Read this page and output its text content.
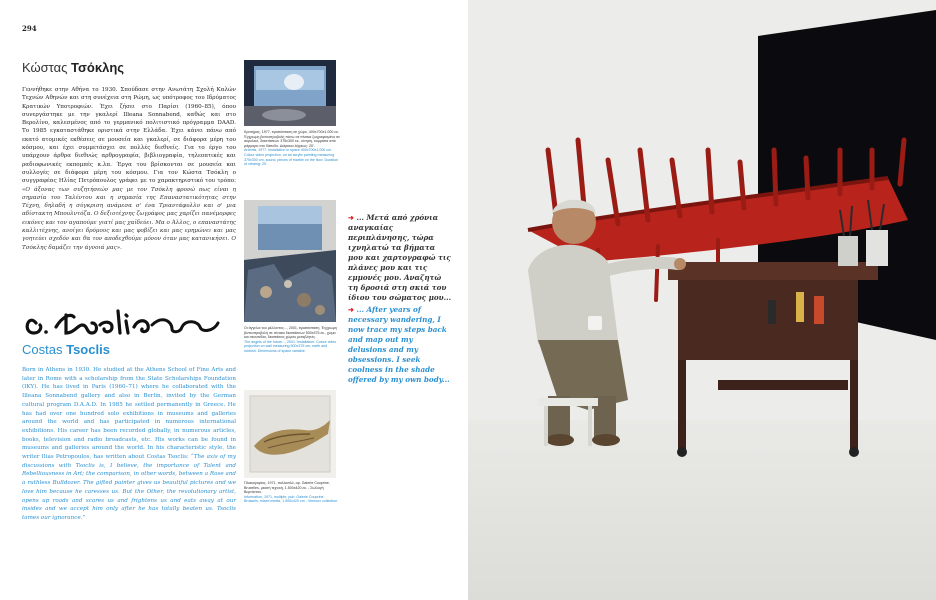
294
Κώστας Τσόκλης
Γεννήθηκε στην Αθήνα το 1930. Σπούδασε στην Ανωτάτη Σχολή Καλών Τεχνών Αθηνών και στη συνέχεια στη Ρώμη, ως υπότροφος του Ιδρύματος Κρατικών Υποτροφιών. Έχει ζήσει στο Παρίσι (1960–85), όπου συνεργάστηκε με την γκαλερί Illeana Sonnabend, καθώς και στο Βερολίνο, καλεσμένος από το γερμανικό πολιτιστικό πρόγραμμα DAAD. Το 1985 εγκαταστάθηκε οριστικά στην Ελλάδα. Έχει κάνει πάνω από εκατό ατομικές εκθέσεις σε μουσεία και γκαλερί, σε διάφορα μέρη του κόσμου, και έχει συμμετάσχει σε πολλές διεθνείς. Για το έργο του υπάρχουν άρθρα διεθνώς αρθρογραφία, βιβλιογραφία, τηλεοπτικές και ραδιοφωνικές εκπομπές κ.λπ. Έργα του βρίσκονται σε μουσεία και συλλογές σε διάφορα μέρη του κόσμου. Για τον Κώστα Τσόκλη ο συγγραφέας Ηλίας Πετρόπουλος γράφει με το χαρακτηριστικό του τρόπο: «Ο άξονας των συζητήσεών μας με τον Τσόκλη φρονώ πως είναι η σημασία του Ταλέντου και η σημασία της Επαναστατικότητας στην Τέχνη, δηλαδή η σύγκριση ανάμεσα σ' ένα Τριαντάφυλλο και σ' μια αδίστακτη Μπουλντόζα. Ο δεξιοτέχνης ζωγράφος μας χαρίζει πανέμορφες εικόνες και τον αγαπούμε γιατί μας χαϊδεύει. Μα ο Άλλος, ο επαναστάτης καλλιτέχνης, ανοίγει δρόμους και μας φοβίζει και μας ερημώνει και μας γοητεύει σχεδόν και θα τον αποδεχθούμε μόνον όταν μας κατανικήσει. Ο Τσόκλης δαμάζει την άγνοιά μας».
Costas Tsoclis
Born in Athens in 1930. He studied at the Athens School of Fine Arts and later in Rome with a scholarship from the State Scholarships Foundation (IKY). He has lived in Paris (1960–71) where he collaborated with the Illeana Sonnabend gallery and also in Berlin, invited by the German cultural program D.A.A.D. In 1985 he settled permanently in Greece. He has had over one hundred solo exhibitions in museums and galleries around the world and has participated in numerous international exhibitions. His career has been recorded globally, in numerous articles, books, television and radio broadcasts, etc. His works can be found in museums and galleries around the world. In his characteristic style, the writer Ilias Petropoulos, has written about Costas Tsoclis: “The axis of my discussions with Tsoclis is, I believe, the importance of Talent and Rebelliousness in Art; the comparison, in other words, between a Rose and a ruthless Bulldozer. The gifted painter gives us beautiful pictures and we love him because he caresses us. But the Other, the revolutionary artist, opens up roads and scares us and frightens us and eats away at our insides and we accept him only after he has totally beaten us. Tsoclis tames our ignorance.”
Κρατήρας, 1977, εγκατάσταση σε χώρο, 400x700x1.000 εκ. Έγχρωμη βιντεοπροβολή πάνω σε πίνακα ζωγραφισμένο σε ακρυλικό, διαστάσεων 375x300 εκ., κίνηση, κομμάτια από μάρμαρο στο δάπεδο. Διάρκεια λήψεως: 20'.
Artemis, 1977. Installation in space 400x700x1.000 cm. Colour video projection, on an acrylic painting measuring 375x300 cm, sound, pieces of marble on the floor. Duration of viewing: 20'.
Οι άγγελοι του μέλλοντος..., 2001, εγκατάσταση. Έγχρωμη βιντεοπροβολή σε πίνακα διαστάσεων 500x375 εκ., χώμα και σκουπίδια, διαστάσεις χώρου μεταβλητές.
The angels of the future..., 2001. Installation. Colour video projection on wall measuring 500x375 cm, earth and rubbish. Dimensions of space variable.
Πλακοψαρίας, 1971, πολλαπλό, αρ. Galerie Couprine, Bruxelles, μεικτή τεχνική, 1.500x420 εκ. - Συλλογή Βερνάντου.
Information, 1971, multiple, pub. Galerie Couprine, Brussels, mixed media, 1.500x420 cm - Vernoux collection.
➜ ... Μετά από χρόνια αναγκαίας περιπλάνησης, τώρα ιχνηλατώ τα βήματα μου και χαρτογραφώ τις πλάνες μου και τις εμμονές μου. Αναζητώ τη δροσιά στη σκιά του ίδιου του σώματος μου...
➜ ... After years of necessary wandering, I now trace my steps back and map out my delusions and my obsessions. I seek coolness in the shade offered by my own body...
